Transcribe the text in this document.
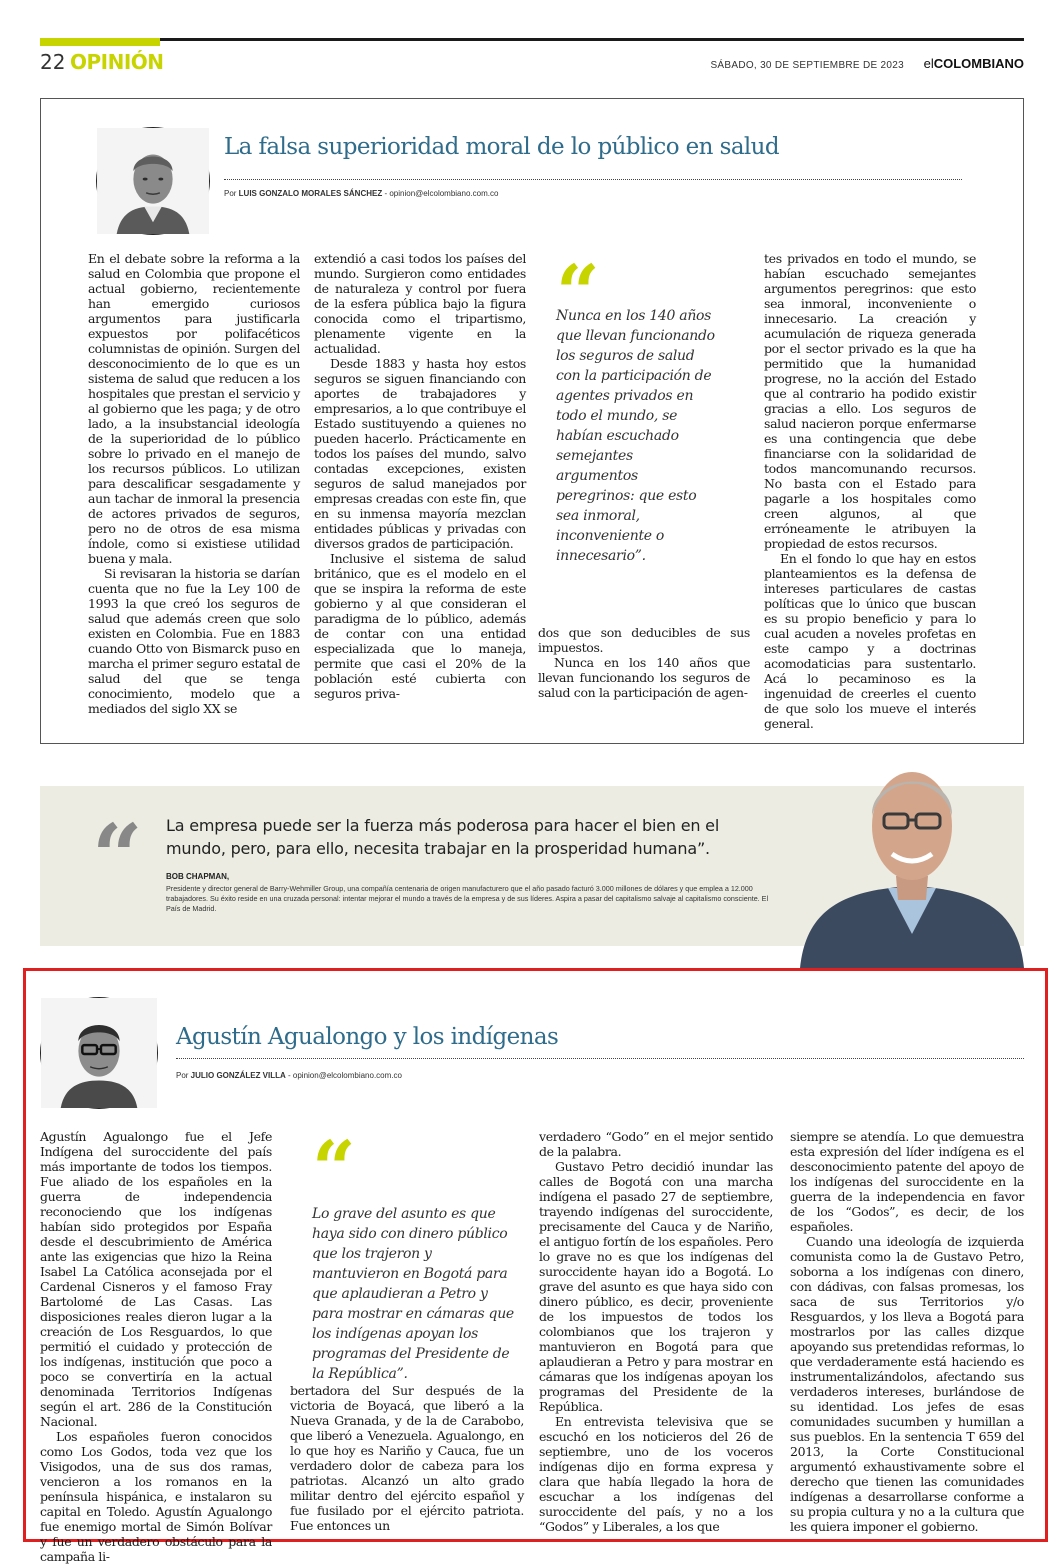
22 OPINIÓN	SÁBADO, 30 DE SEPTIEMBRE DE 2023 elCOLOMBIANO
La falsa superioridad moral de lo público en salud
Por LUIS GONZALO MORALES SÁNCHEZ - opinion@elcolombiano.com.co

En el debate sobre la reforma a la salud en Colombia que propone el actual gobierno, recientemente han emergido curiosos argumentos para justificarla expuestos por polifacéticos columnistas de opinión. Surgen del desconocimiento de lo que es un sistema de salud que reducen a los hospitales que prestan el servicio y al gobierno que les paga; y de otro lado, a la insubstancial ideología de la superioridad de lo público sobre lo privado en el manejo de los recursos públicos. Lo utilizan para descalificar sesgadamente y aun tachar de inmoral la presencia de actores privados de seguros, pero no de otros de esa misma índole, como si existiese utilidad buena y mala.

Si revisaran la historia se darían cuenta que no fue la Ley 100 de 1993 la que creó los seguros de salud que además creen que solo existen en Colombia. Fue en 1883 cuando Otto von Bismarck puso en marcha el primer seguro estatal de salud del que se tenga conocimiento, modelo que a mediados del siglo XX se

extendió a casi todos los países del mundo. Surgieron como entidades de naturaleza y control por fuera de la esfera pública bajo la figura conocida como el tripartismo, plenamente vigente en la actualidad.

Desde 1883 y hasta hoy estos seguros se siguen financiando con aportes de trabajadores y empresarios, a lo que contribuye el Estado sustituyendo a quienes no pueden hacerlo. Prácticamente en todos los países del mundo, salvo contadas excepciones, existen seguros de salud manejados por empresas creadas con este fin, que en su inmensa mayoría mezclan entidades públicas y privadas con diversos grados de participación.

Inclusive el sistema de salud británico, que es el modelo en el que se inspira la reforma de este gobierno y al que consideran el paradigma de lo público, además de contar con una entidad especializada que lo maneja, permite que casi el 20% de la población esté cubierta con seguros priva-

“
Nunca en los 140 años que llevan funcionando los seguros de salud con la participación de agentes privados en todo el mundo, se habían escuchado semejantes argumentos peregrinos: que esto sea inmoral, inconveniente o innecesario”.

dos que son deducibles de sus impuestos.

Nunca en los 140 años que llevan funcionando los seguros de salud con la participación de agen-

tes privados en todo el mundo, se habían escuchado semejantes argumentos peregrinos: que esto sea inmoral, inconveniente o innecesario. La creación y acumulación de riqueza generada por el sector privado es la que ha permitido que la humanidad progrese, no la acción del Estado que al contrario ha podido existir gracias a ello. Los seguros de salud nacieron porque enfermarse es una contingencia que debe financiarse con la solidaridad de todos mancomunando recursos. No basta con el Estado para pagarle a los hospitales como creen algunos, al que erróneamente le atribuyen la propiedad de estos recursos.

En el fondo lo que hay en estos planteamientos es la defensa de intereses particulares de castas políticas que lo único que buscan es su propio beneficio y para lo cual acuden a noveles profetas en este campo y a doctrinas acomodaticias para sustentarlo. Acá lo pecaminoso es la ingenuidad de creerles el cuento de que solo los mueve el interés general.

“ La empresa puede ser la fuerza más poderosa para hacer el bien en el mundo, pero, para ello, necesita trabajar en la prosperidad humana”.
BOB CHAPMAN,
Presidente y director general de Barry-Wehmiller Group, una compañía centenaria de origen manufacturero que el año pasado facturó 3.000 millones de dólares y que emplea a 12.000 trabajadores. Su éxito reside en una cruzada personal: intentar mejorar el mundo a través de la empresa y de sus líderes. Aspira a pasar del capitalismo salvaje al capitalismo consciente. El País de Madrid.
Agustín Agualongo y los indígenas
Por JULIO GONZÁLEZ VILLA - opinion@elcolombiano.com.co

Agustín Agualongo fue el Jefe Indígena del suroccidente del país más importante de todos los tiempos. Fue aliado de los españoles en la guerra de independencia reconociendo que los indígenas habían sido protegidos por España desde el descubrimiento de América ante las exigencias que hizo la Reina Isabel La Católica aconsejada por el Cardenal Cisneros y el famoso Fray Bartolomé de Las Casas. Las disposiciones reales dieron lugar a la creación de Los Resguardos, lo que permitió el cuidado y protección de los indígenas, institución que poco a poco se convertiría en la actual denominada Territorios Indígenas según el art. 286 de la Constitución Nacional.

Los españoles fueron conocidos como Los Godos, toda vez que los Visigodos, una de sus dos ramas, vencieron a los romanos en la península hispánica, e instalaron su capital en Toledo. Agustín Agualongo fue enemigo mortal de Simón Bolívar y fue un verdadero obstáculo para la campaña li-

“
Lo grave del asunto es que haya sido con dinero público que los trajeron y mantuvieron en Bogotá para que aplaudieran a Petro y para mostrar en cámaras que los indígenas apoyan los programas del Presidente de la República”.

bertadora del Sur después de la victoria de Boyacá, que liberó a la Nueva Granada, y de la de Carabobo, que liberó a Venezuela. Agualongo, en lo que hoy es Nariño y Cauca, fue un verdadero dolor de cabeza para los patriotas. Alcanzó un alto grado militar dentro del ejército español y fue fusilado por el ejército patriota. Fue entonces un

verdadero “Godo” en el mejor sentido de la palabra.

Gustavo Petro decidió inundar las calles de Bogotá con una marcha indígena el pasado 27 de septiembre, trayendo indígenas del suroccidente, precisamente del Cauca y de Nariño, el antiguo fortín de los españoles. Pero lo grave no es que los indígenas del suroccidente hayan ido a Bogotá. Lo grave del asunto es que haya sido con dinero público, es decir, proveniente de los impuestos de todos los colombianos que los trajeron y mantuvieron en Bogotá para que aplaudieran a Petro y para mostrar en cámaras que los indígenas apoyan los programas del Presidente de la República.

En entrevista televisiva que se escuchó en los noticieros del 26 de septiembre, uno de los voceros indígenas dijo en forma expresa y clara que había llegado la hora de escuchar a los indígenas del suroccidente del país, y no a los “Godos” y Liberales, a los que

siempre se atendía. Lo que demuestra esta expresión del líder indígena es el desconocimiento patente del apoyo de los indígenas del suroccidente en la guerra de la independencia en favor de los “Godos”, es decir, de los españoles.

Cuando una ideología de izquierda comunista como la de Gustavo Petro, soborna a los indígenas con dinero, con dádivas, con falsas promesas, los saca de sus Territorios y/o Resguardos, y los lleva a Bogotá para mostrarlos por las calles dizque apoyando sus pretendidas reformas, lo que verdaderamente está haciendo es instrumentalizándolos, afectando sus verdaderos intereses, burlándose de su identidad. Los jefes de esas comunidades sucumben y humillan a sus pueblos. En la sentencia T 659 del 2013, la Corte Constitucional argumentó exhaustivamente sobre el derecho que tienen las comunidades indígenas a desarrollarse conforme a su propia cultura y no a la cultura que les quiera imponer el gobierno.
